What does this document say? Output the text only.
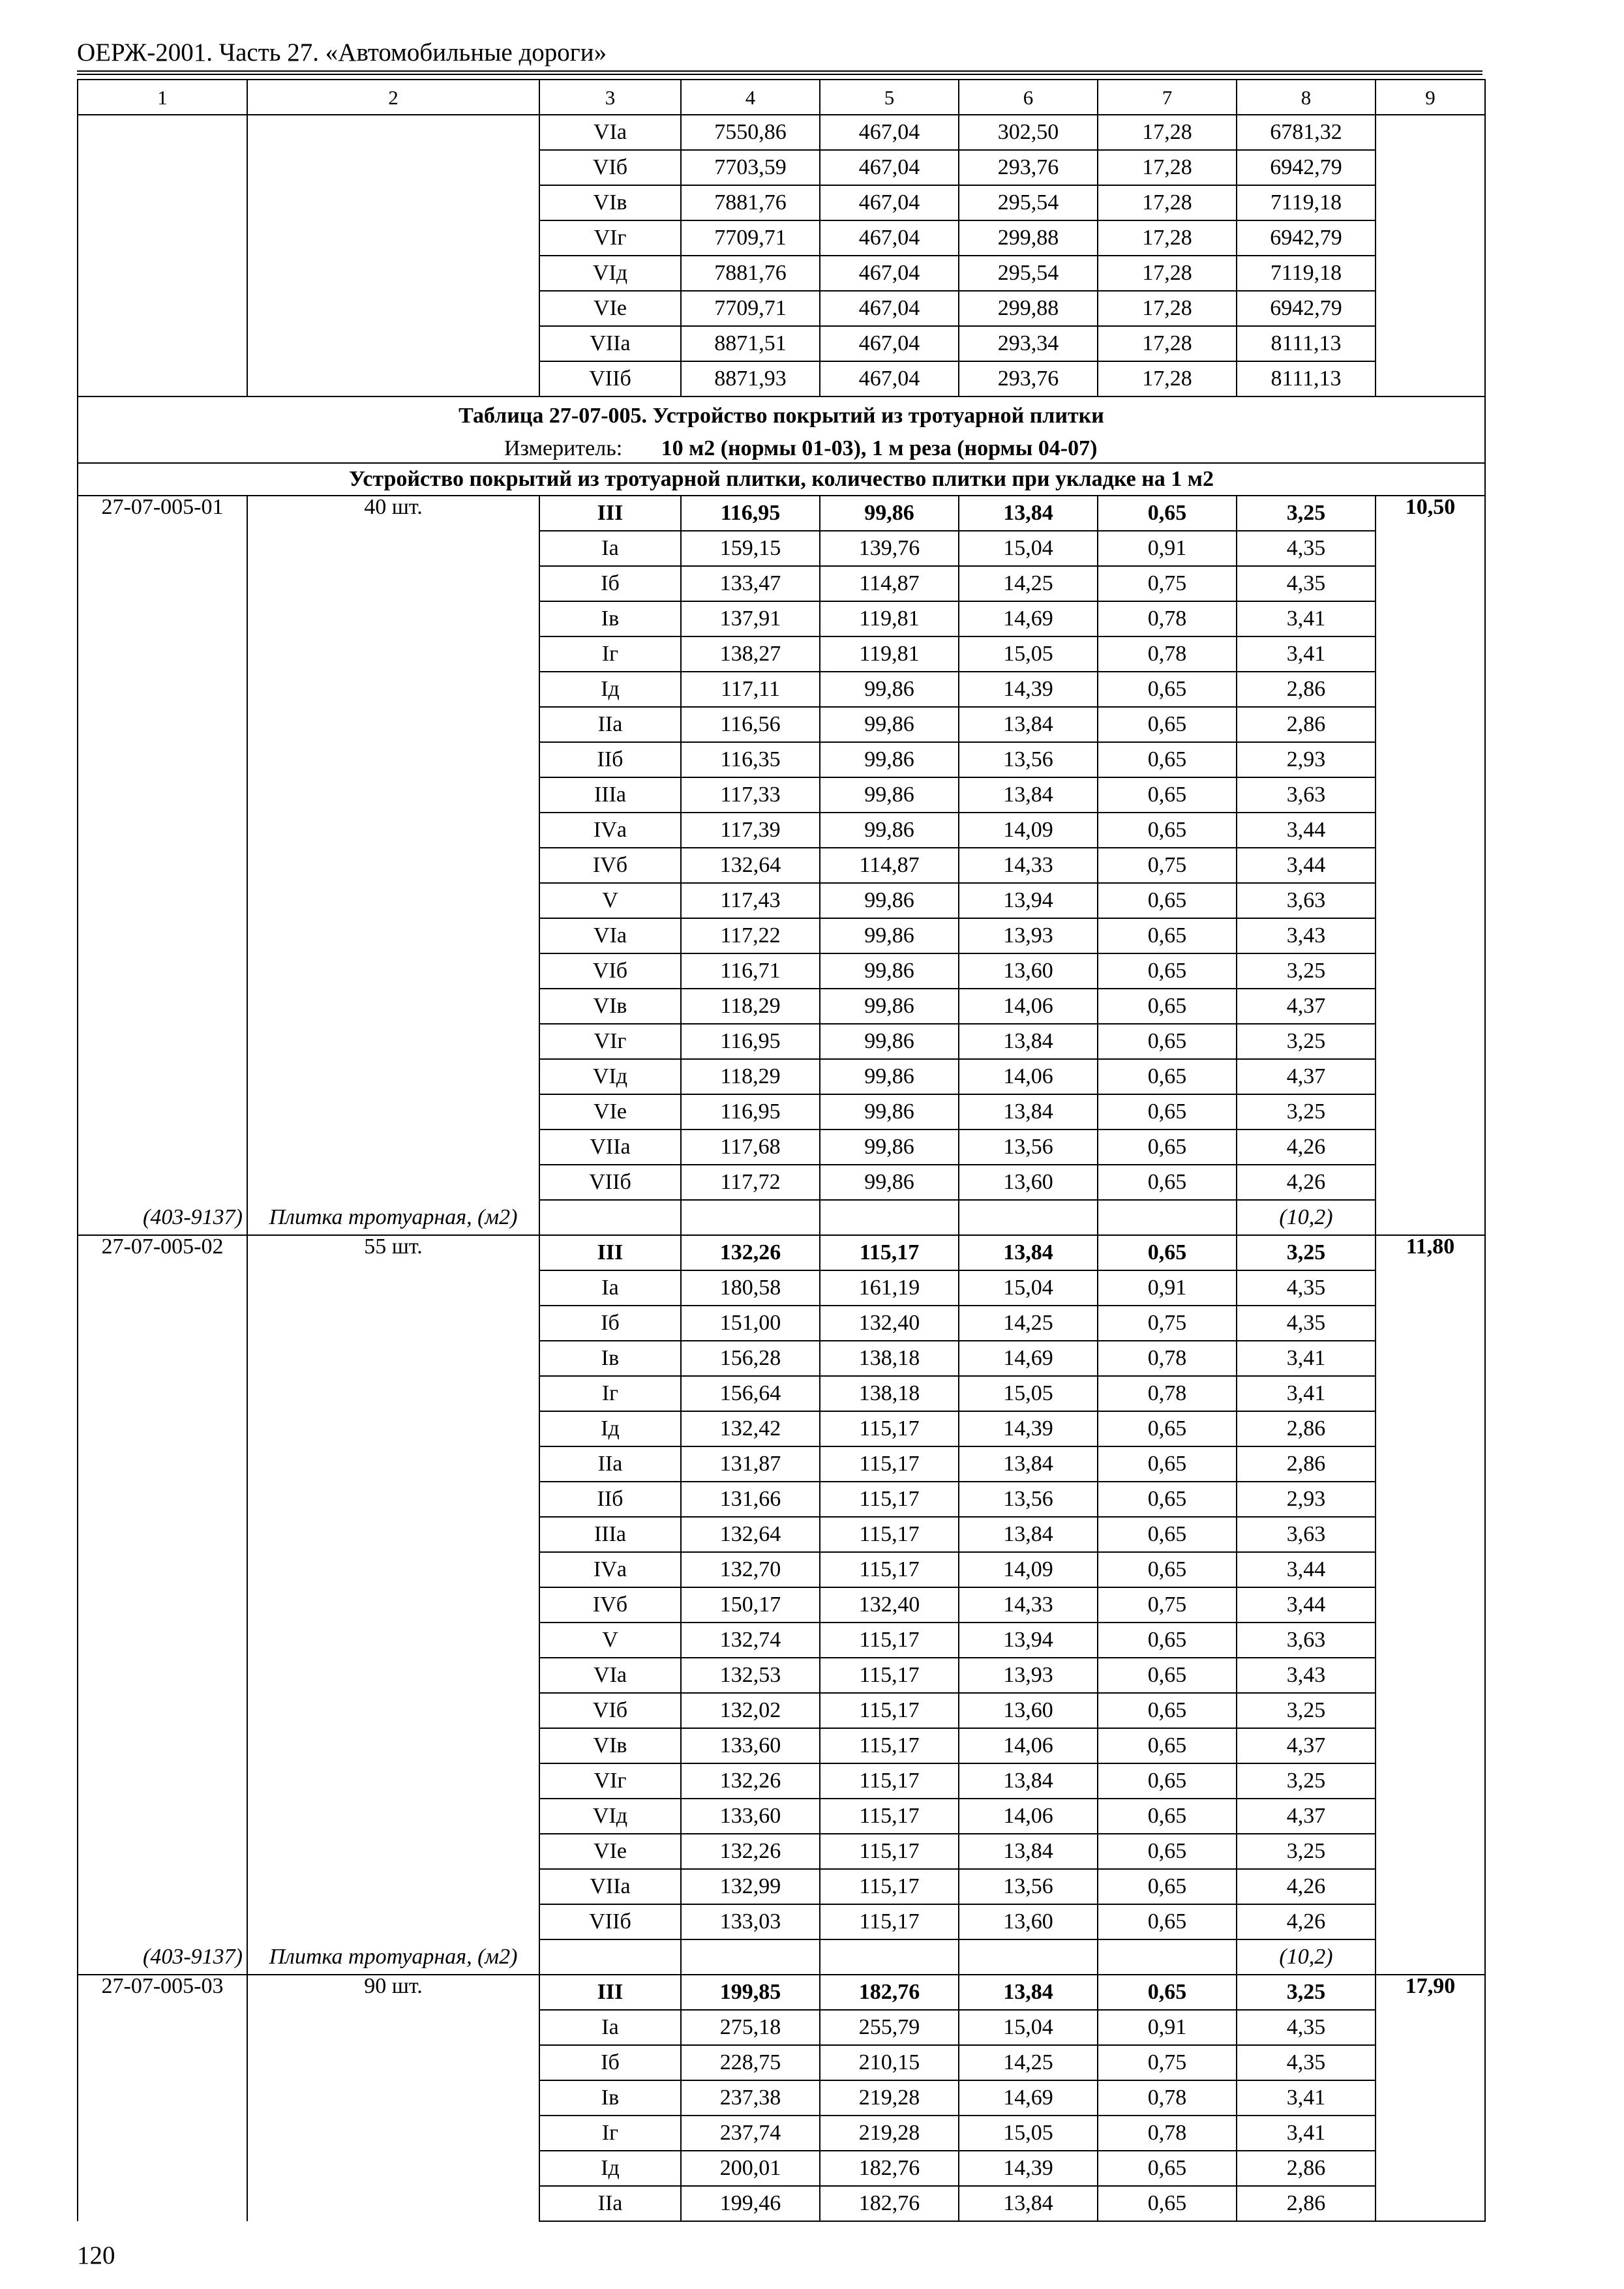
ОЕРЖ-2001. Часть 27. «Автомобильные дороги»
1	2	3	4	5	6	7	8	9
		VIа	7550,86	467,04	302,50	17,28	6781,32	
		VIб	7703,59	467,04	293,76	17,28	6942,79	
		VIв	7881,76	467,04	295,54	17,28	7119,18	
		VIг	7709,71	467,04	299,88	17,28	6942,79	
		VIд	7881,76	467,04	295,54	17,28	7119,18	
		VIе	7709,71	467,04	299,88	17,28	6942,79	
		VIIа	8871,51	467,04	293,34	17,28	8111,13	
		VIIб	8871,93	467,04	293,76	17,28	8111,13	
Таблица 27-07-005. Устройство покрытий из тротуарной плитки								
Измеритель: 10 м2 (нормы 01-03), 1 м реза (нормы 04-07)								
Устройство покрытий из тротуарной плитки, количество плитки при укладке на 1 м2								
27-07-005-01	40 шт.	III	116,95	99,86	13,84	0,65	3,25	10,50
		Iа	159,15	139,76	15,04	0,91	4,35	
		Iб	133,47	114,87	14,25	0,75	4,35	
		Iв	137,91	119,81	14,69	0,78	3,41	
		Iг	138,27	119,81	15,05	0,78	3,41	
		Iд	117,11	99,86	14,39	0,65	2,86	
		IIа	116,56	99,86	13,84	0,65	2,86	
		IIб	116,35	99,86	13,56	0,65	2,93	
		IIIа	117,33	99,86	13,84	0,65	3,63	
		IVа	117,39	99,86	14,09	0,65	3,44	
		IVб	132,64	114,87	14,33	0,75	3,44	
		V	117,43	99,86	13,94	0,65	3,63	
		VIа	117,22	99,86	13,93	0,65	3,43	
		VIб	116,71	99,86	13,60	0,65	3,25	
		VIв	118,29	99,86	14,06	0,65	4,37	
		VIг	116,95	99,86	13,84	0,65	3,25	
		VIд	118,29	99,86	14,06	0,65	4,37	
		VIе	116,95	99,86	13,84	0,65	3,25	
		VIIа	117,68	99,86	13,56	0,65	4,26	
		VIIб	117,72	99,86	13,60	0,65	4,26	
(403-9137)	Плитка тротуарная, (м2)						(10,2)	
27-07-005-02	55 шт.	III	132,26	115,17	13,84	0,65	3,25	11,80
		Iа	180,58	161,19	15,04	0,91	4,35	
		Iб	151,00	132,40	14,25	0,75	4,35	
		Iв	156,28	138,18	14,69	0,78	3,41	
		Iг	156,64	138,18	15,05	0,78	3,41	
		Iд	132,42	115,17	14,39	0,65	2,86	
		IIа	131,87	115,17	13,84	0,65	2,86	
		IIб	131,66	115,17	13,56	0,65	2,93	
		IIIа	132,64	115,17	13,84	0,65	3,63	
		IVа	132,70	115,17	14,09	0,65	3,44	
		IVб	150,17	132,40	14,33	0,75	3,44	
		V	132,74	115,17	13,94	0,65	3,63	
		VIа	132,53	115,17	13,93	0,65	3,43	
		VIб	132,02	115,17	13,60	0,65	3,25	
		VIв	133,60	115,17	14,06	0,65	4,37	
		VIг	132,26	115,17	13,84	0,65	3,25	
		VIд	133,60	115,17	14,06	0,65	4,37	
		VIе	132,26	115,17	13,84	0,65	3,25	
		VIIа	132,99	115,17	13,56	0,65	4,26	
		VIIб	133,03	115,17	13,60	0,65	4,26	
(403-9137)	Плитка тротуарная, (м2)						(10,2)	
27-07-005-03	90 шт.	III	199,85	182,76	13,84	0,65	3,25	17,90
		Iа	275,18	255,79	15,04	0,91	4,35	
		Iб	228,75	210,15	14,25	0,75	4,35	
		Iв	237,38	219,28	14,69	0,78	3,41	
		Iг	237,74	219,28	15,05	0,78	3,41	
		Iд	200,01	182,76	14,39	0,65	2,86	
		IIа	199,46	182,76	13,84	0,65	2,86	
120
